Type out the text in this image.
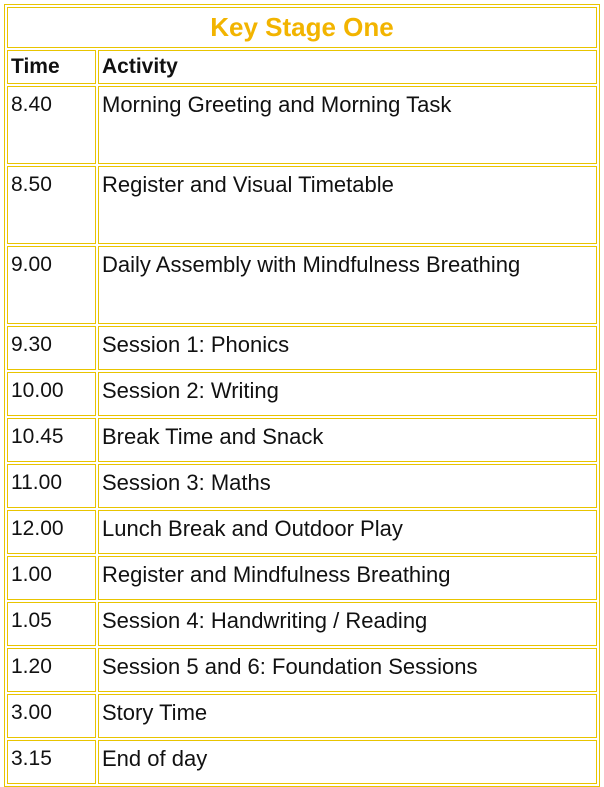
Key Stage One	
Time	Activity
8.40	Morning Greeting and Morning Task
8.50	Register and Visual Timetable
9.00	Daily Assembly with Mindfulness Breathing
9.30	Session 1: Phonics
10.00	Session 2: Writing
10.45	Break Time and Snack
11.00	Session 3: Maths
12.00	Lunch Break and Outdoor Play
1.00	Register and Mindfulness Breathing
1.05	Session 4: Handwriting / Reading
1.20	Session 5 and 6: Foundation Sessions
3.00	Story Time
3.15	End of day
